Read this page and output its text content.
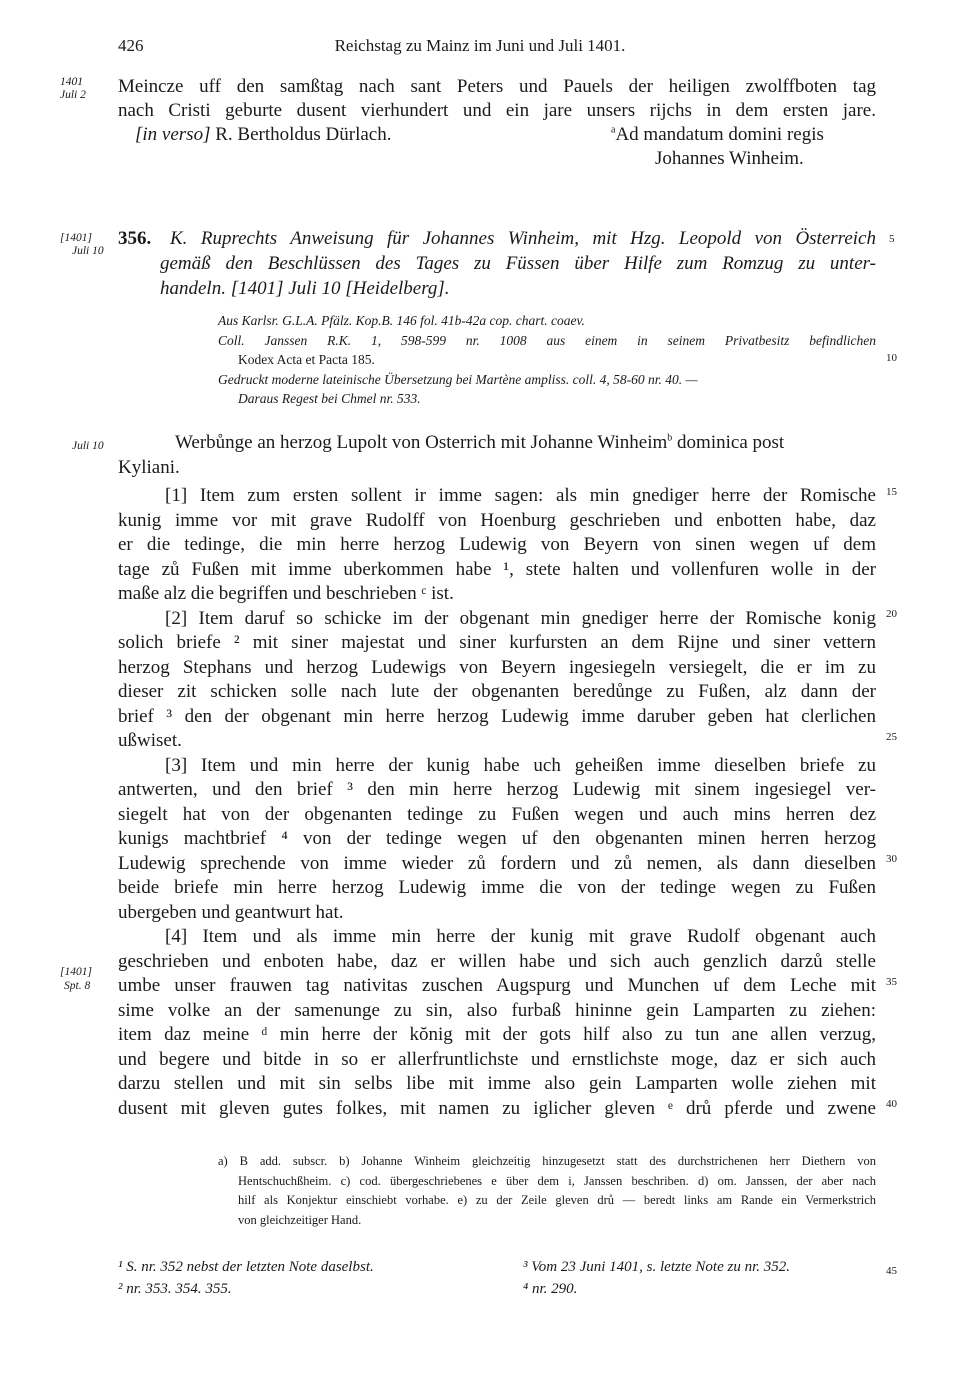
426	Reichstag zu Mainz im Juni und Juli 1401.
1401
Juli 2 Meincze uff den samßtag nach sant Peters und Pauels der heiligen zwolffboten tag
nach Cristi geburte dusent vierhundert und ein jare unsers rijchs in dem ersten jare.
[in verso] R. Bertholdus Dürlach.	$^a$Ad mandatum domini regis
Johannes Winheim.
[1401]
Juli 10
356. K. Ruprechts Anweisung für Johannes Winheim, mit Hzg. Leopold von Österreich
gemäß den Beschlüssen des Tages zu Füssen über Hilfe zum Romzug zu unter-
handeln. [1401] Juli 10 [Heidelberg].
Aus Karlsr. G.L.A. Pfälz. Kop.B. 146 fol. 41b-42a cop. chart. coaev.
Coll. Janssen R.K. 1, 598-599 nr. 1008 aus einem in seinem Privatbesitz befindlichen
Kodex Acta et Pacta 185.
Gedruckt moderne lateinische Übersetzung bei Martène ampliss. coll. 4, 58-60 nr. 40. —
Daraus Regest bei Chmel nr. 533.
5
10
15
20
25
30
35
40
45
Juli 10	Werbůnge an herzog Lupolt von Osterrich mit Johanne Winheim$^b$ dominica post
Kyliani.
[1] Item zum ersten sollent ir imme sagen: als min gnediger herre der Romische
kunig imme vor mit grave Rudolff von Hoenburg geschrieben und enbotten habe, daz
er die tedinge, die min herre herzog Ludewig von Beyern von sinen wegen uf dem
tage zů Fußen mit imme uberkommen habe ¹, stete halten und vollenfuren wolle in der
maße alz die begriffen und beschrieben ᶜ ist.
[2] Item daruf so schicke im der obgenant min gnediger herre der Romische konig
solich briefe ² mit siner majestat und siner kurfursten an dem Rijne und siner vettern
herzog Stephans und herzog Ludewigs von Beyern ingesiegeln versiegelt, die er im zu
dieser zit schicken solle nach lute der obgenanten beredůnge zu Fußen, alz dann der
brief ³ den der obgenant min herre herzog Ludewig imme daruber geben hat clerlichen
ußwiset.
[3] Item und min herre der kunig habe uch geheißen imme dieselben briefe zu
antwerten, und den brief ³ den min herre herzog Ludewig mit sinem ingesiegel ver-
siegelt hat von der obgenanten tedinge zu Fußen wegen und auch mins herren dez
kunigs machtbrief ⁴ von der tedinge wegen uf den obgenanten minen herren herzog
Ludewig sprechende von imme wieder zů fordern und zů nemen, als dann dieselben
beide briefe min herre herzog Ludewig imme die von der tedinge wegen zu Fußen
ubergeben und geantwurt hat.
[4] Item und als imme min herre der kunig mit grave Rudolf obgenant auch
geschrieben und enboten habe, daz er willen habe und sich auch genzlich darzů stelle
umbe unser frauwen tag nativitas zuschen Augspurg und Munchen uf dem Leche mit
sime volke an der samenunge zu sin, also furbaß hininne gein Lamparten zu ziehen:
item daz meine ᵈ min herre der kŏnig mit der gots hilf also zu tun ane allen verzug,
und begere und bitde in so er allerfruntlichste und ernstlichste moge, daz er sich auch
darzu stellen und mit sin selbs libe mit imme also gein Lamparten wolle ziehen mit
dusent mit gleven gutes folkes, mit namen zu iglicher gleven ᵉ drů pferde und zwene
[1401]
Spt. 8
a) B add. subscr. b) Johanne Winheim gleichzeitig hinzugesetzt statt des durchstrichenen herr Diethern von
Hentschuchßheim. c) cod. übergeschriebenes e über dem i, Janssen beschriben. d) om. Janssen, der aber nach
hilf als Konjektur einschiebt vorhabe. e) zu der Zeile gleven drů — beredt links am Rande ein Vermerkstrich
von gleichzeitiger Hand.
¹ S. nr. 352 nebst der letzten Note daselbst.
² nr. 353. 354. 355.
³ Vom 23 Juni 1401, s. letzte Note zu nr. 352.
⁴ nr. 290.
